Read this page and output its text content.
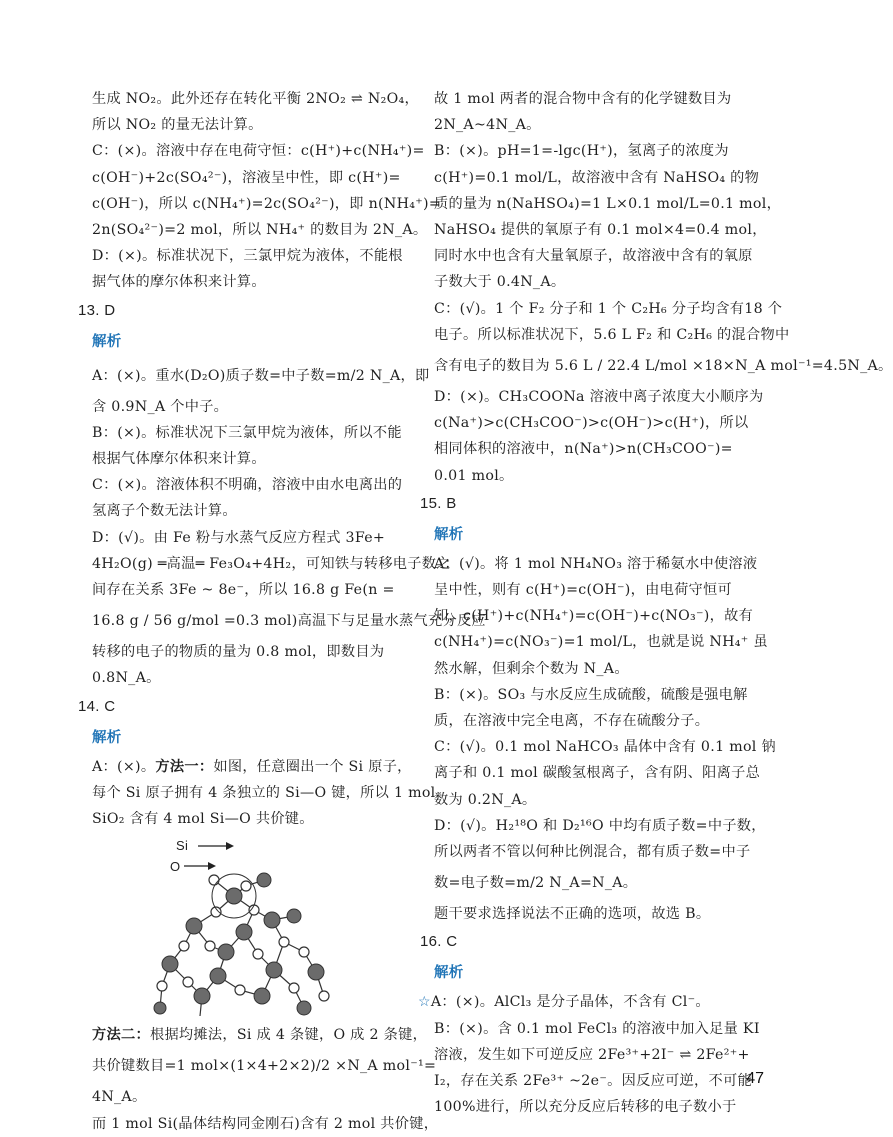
生成 NO₂。此外还存在转化平衡 2NO₂ ⇌ N₂O₄，
所以 NO₂ 的量无法计算。
C：(×)。溶液中存在电荷守恒：c(H⁺)+c(NH₄⁺)=
c(OH⁻)+2c(SO₄²⁻)，溶液呈中性，即 c(H⁺)=
c(OH⁻)，所以 c(NH₄⁺)=2c(SO₄²⁻)，即 n(NH₄⁺)=
2n(SO₄²⁻)=2 mol，所以 NH₄⁺ 的数目为 2N_A。
D：(×)。标准状况下，三氯甲烷为液体，不能根
据气体的摩尔体积来计算。
13. D
解析
A：(×)。重水(D₂O)质子数=中子数=m/2 N_A，即
含 0.9N_A 个中子。
B：(×)。标准状况下三氯甲烷为液体，所以不能
根据气体摩尔体积来计算。
C：(×)。溶液体积不明确，溶液中由水电离出的
氢离子个数无法计算。
D：(√)。由 Fe 粉与水蒸气反应方程式 3Fe+
4H₂O(g) ═高温═ Fe₃O₄+4H₂，可知铁与转移电子数之
间存在关系 3Fe ~ 8e⁻，所以 16.8 g Fe(n =
16.8 g / 56 g/mol =0.3 mol)高温下与足量水蒸气充分反应
转移的电子的物质的量为 0.8 mol，即数目为
0.8N_A。
14. C
解析
A：(×)。方法一：如图，任意圈出一个 Si 原子，
每个 Si 原子拥有 4 条独立的 Si—O 键，所以 1 mol
SiO₂ 含有 4 mol Si—O 共价键。
Si
O
方法二：根据均摊法，Si 成 4 条键，O 成 2 条键，
共价键数目=1 mol×(1×4+2×2)/2 ×N_A mol⁻¹=
4N_A。
而 1 mol Si(晶体结构同金刚石)含有 2 mol 共价键，
故 1 mol 两者的混合物中含有的化学键数目为
2N_A~4N_A。
B：(×)。pH=1=-lgc(H⁺)，氢离子的浓度为
c(H⁺)=0.1 mol/L，故溶液中含有 NaHSO₄ 的物
质的量为 n(NaHSO₄)=1 L×0.1 mol/L=0.1 mol，
NaHSO₄ 提供的氧原子有 0.1 mol×4=0.4 mol，
同时水中也含有大量氧原子，故溶液中含有的氧原
子数大于 0.4N_A。
C：(√)。1 个 F₂ 分子和 1 个 C₂H₆ 分子均含有18 个
电子。所以标准状况下，5.6 L F₂ 和 C₂H₆ 的混合物中
含有电子的数目为 5.6 L / 22.4 L/mol ×18×N_A mol⁻¹=4.5N_A。
D：(×)。CH₃COONa 溶液中离子浓度大小顺序为
c(Na⁺)>c(CH₃COO⁻)>c(OH⁻)>c(H⁺)，所以
相同体积的溶液中，n(Na⁺)>n(CH₃COO⁻)=
0.01 mol。
15. B
解析
A：(√)。将 1 mol NH₄NO₃ 溶于稀氨水中使溶液
呈中性，则有 c(H⁺)=c(OH⁻)，由电荷守恒可
知，c(H⁺)+c(NH₄⁺)=c(OH⁻)+c(NO₃⁻)，故有
c(NH₄⁺)=c(NO₃⁻)=1 mol/L，也就是说 NH₄⁺ 虽
然水解，但剩余个数为 N_A。
B：(×)。SO₃ 与水反应生成硫酸，硫酸是强电解
质，在溶液中完全电离，不存在硫酸分子。
C：(√)。0.1 mol NaHCO₃ 晶体中含有 0.1 mol 钠
离子和 0.1 mol 碳酸氢根离子，含有阴、阳离子总
数为 0.2N_A。
D：(√)。H₂¹⁸O 和 D₂¹⁶O 中均有质子数=中子数，
所以两者不管以何种比例混合，都有质子数=中子
数=电子数=m/2 N_A=N_A。
题干要求选择说法不正确的选项，故选 B。
16. C
解析
☆A：(×)。AlCl₃ 是分子晶体，不含有 Cl⁻。
B：(×)。含 0.1 mol FeCl₃ 的溶液中加入足量 KI
溶液，发生如下可逆反应 2Fe³⁺+2I⁻ ⇌ 2Fe²⁺+
I₂，存在关系 2Fe³⁺ ~2e⁻。因反应可逆，不可能
100%进行，所以充分反应后转移的电子数小于
47
